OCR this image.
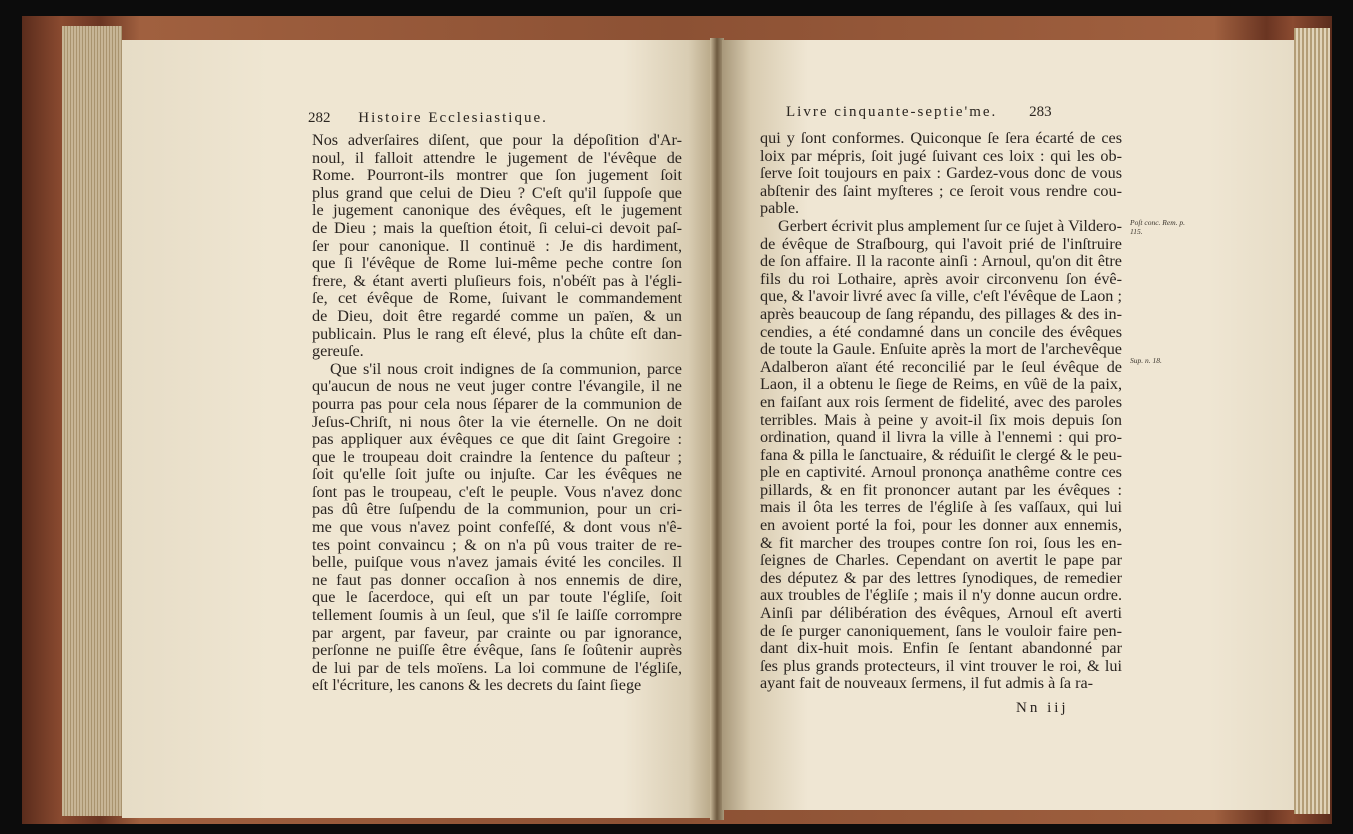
282 Histoire Ecclesiastique.

Nos adverſaires diſent, que pour la dépoſition d'Ar-

noul, il falloit attendre le jugement de l'évêque de

Rome. Pourront-ils montrer que ſon jugement ſoit

plus grand que celui de Dieu ? C'eſt qu'il ſuppoſe que

le jugement canonique des évêques, eſt le jugement

de Dieu ; mais la queſtion étoit, ſi celui-ci devoit paſ-

ſer pour canonique. Il continuë : Je dis hardiment,

que ſi l'évêque de Rome lui-même peche contre ſon

frere, & étant averti pluſieurs fois, n'obéït pas à l'égli-

ſe, cet évêque de Rome, ſuivant le commandement

de Dieu, doit être regardé comme un païen, & un

publicain. Plus le rang eſt élevé, plus la chûte eſt dan-

gereuſe.

Que s'il nous croit indignes de ſa communion, parce

qu'aucun de nous ne veut juger contre l'évangile, il ne

pourra pas pour cela nous ſéparer de la communion de

Jeſus-Chriſt, ni nous ôter la vie éternelle. On ne doit

pas appliquer aux évêques ce que dit ſaint Gregoire :

que le troupeau doit craindre la ſentence du paſteur ;

ſoit qu'elle ſoit juſte ou injuſte. Car les évêques ne

ſont pas le troupeau, c'eſt le peuple. Vous n'avez donc

pas dû être ſuſpendu de la communion, pour un cri-

me que vous n'avez point confeſſé, & dont vous n'ê-

tes point convaincu ; & on n'a pû vous traiter de re-

belle, puiſque vous n'avez jamais évité les conciles. Il

ne faut pas donner occaſion à nos ennemis de dire,

que le ſacerdoce, qui eſt un par toute l'égliſe, ſoit

tellement ſoumis à un ſeul, que s'il ſe laiſſe corrompre

par argent, par faveur, par crainte ou par ignorance,

perſonne ne puiſſe être évêque, ſans ſe ſoûtenir auprès

de lui par de tels moïens. La loi commune de l'égliſe,

eſt l'écriture, les canons & les decrets du ſaint ſiege

Livre cinquante-septie'me. 283

qui y ſont conformes. Quiconque ſe ſera écarté de ces

loix par mépris, ſoit jugé ſuivant ces loix : qui les ob-

ſerve ſoit toujours en paix : Gardez-vous donc de vous

abſtenir des ſaint myſteres ; ce ſeroit vous rendre cou-

pable.

Gerbert écrivit plus amplement ſur ce ſujet à Vildero-

de évêque de Straſbourg, qui l'avoit prié de l'inſtruire

de ſon affaire. Il la raconte ainſi : Arnoul, qu'on dit être

fils du roi Lothaire, après avoir circonvenu ſon évê-

que, & l'avoir livré avec ſa ville, c'eſt l'évêque de Laon ;

après beaucoup de ſang répandu, des pillages & des in-

cendies, a été condamné dans un concile des évêques

de toute la Gaule. Enſuite après la mort de l'archevêque

Adalberon aïant été reconcilié par le ſeul évêque de

Laon, il a obtenu le ſiege de Reims, en vûë de la paix,

en faiſant aux rois ſerment de fidelité, avec des paroles

terribles. Mais à peine y avoit-il ſix mois depuis ſon

ordination, quand il livra la ville à l'ennemi : qui pro-

fana & pilla le ſanctuaire, & réduiſit le clergé & le peu-

ple en captivité. Arnoul prononça anathême contre ces

pillards, & en fit prononcer autant par les évêques :

mais il ôta les terres de l'égliſe à ſes vaſſaux, qui lui

en avoient porté la foi, pour les donner aux ennemis,

& fit marcher des troupes contre ſon roi, ſous les en-

ſeignes de Charles. Cependant on avertit le pape par

des députez & par des lettres ſynodiques, de remedier

aux troubles de l'égliſe ; mais il n'y donne aucun ordre.

Ainſi par délibération des évêques, Arnoul eſt averti

de ſe purger canoniquement, ſans le vouloir faire pen-

dant dix-huit mois. Enfin ſe ſentant abandonné par

ſes plus grands protecteurs, il vint trouver le roi, & lui

ayant fait de nouveaux ſermens, il fut admis à ſa ra-

Poſt conc. Rem. p. 115.
Sup. n. 18.
Nn iij
